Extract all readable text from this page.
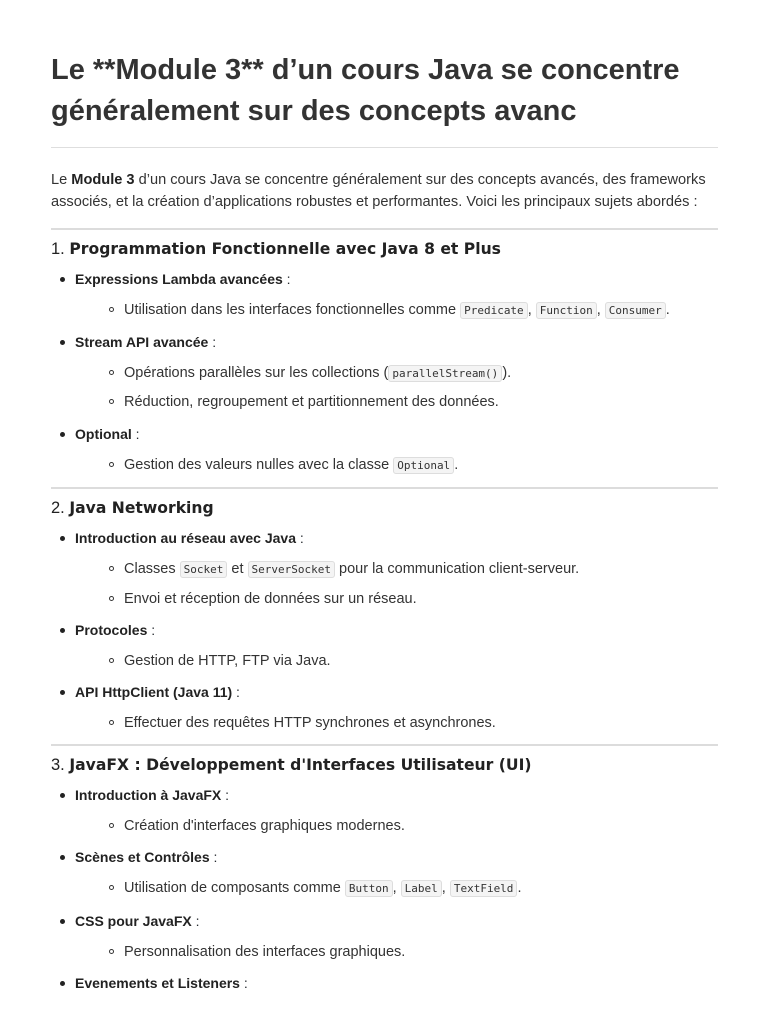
Le **Module 3** d’un cours Java se concentre généralement sur des concepts avanc

Le Module 3 d’un cours Java se concentre généralement sur des concepts avancés, des frameworks associés, et la création d’applications robustes et performantes. Voici les principaux sujets abordés :

1. Programmation Fonctionnelle avec Java 8 et Plus
Expressions Lambda avancées :
Utilisation dans les interfaces fonctionnelles comme Predicate , Function , Consumer .
Stream API avancée :
Opérations parallèles sur les collections ( parallelStream() ).
Réduction, regroupement et partitionnement des données.
Optional :
Gestion des valeurs nulles avec la classe Optional .
2. Java Networking
Introduction au réseau avec Java :
Classes Socket et ServerSocket pour la communication client-serveur.
Envoi et réception de données sur un réseau.
Protocoles :
Gestion de HTTP, FTP via Java.
API HttpClient (Java 11) :
Effectuer des requêtes HTTP synchrones et asynchrones.
3. JavaFX : Développement d'Interfaces Utilisateur (UI)
Introduction à JavaFX :
Création d'interfaces graphiques modernes.
Scènes et Contrôles :
Utilisation de composants comme Button , Label , TextField .
CSS pour JavaFX :
Personnalisation des interfaces graphiques.
Evenements et Listeners :
